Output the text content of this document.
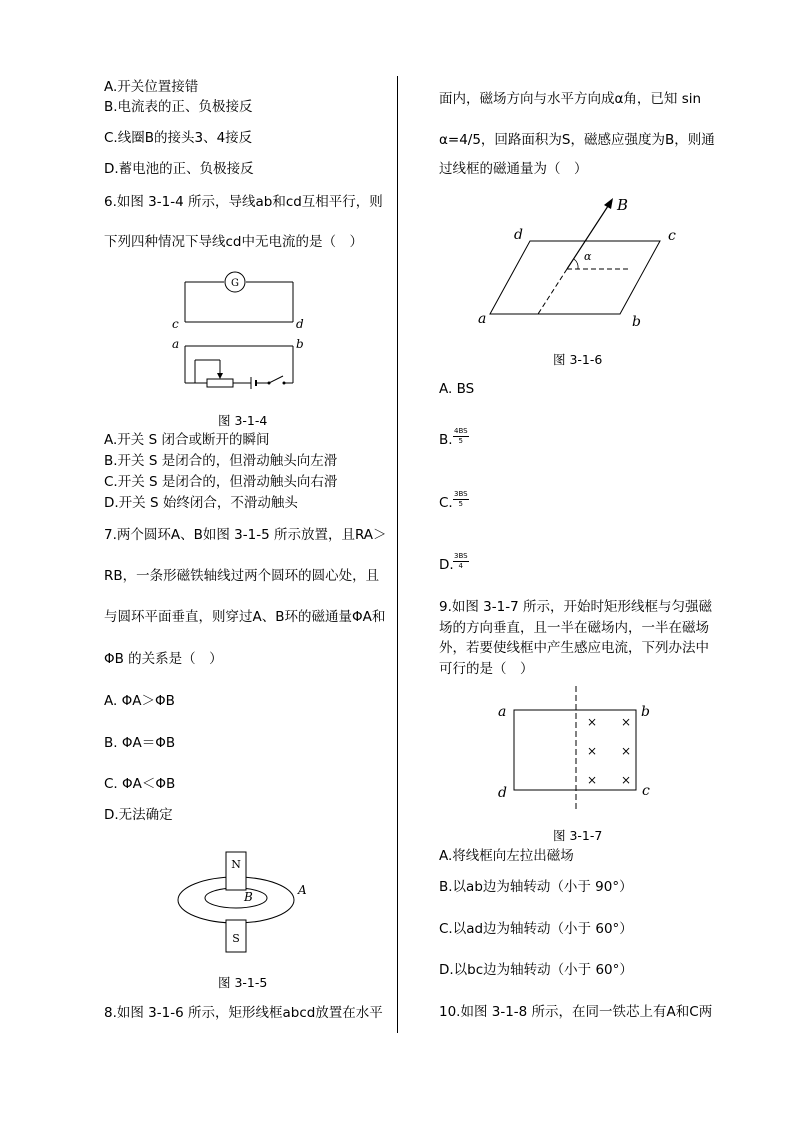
A.开关位置接错
B.电流表的正、负极接反
C.线圈B的接头3、4接反
D.蓄电池的正、负极接反
6.如图 3-1-4 所示，导线ab和cd互相平行，则
下列四种情况下导线cd中无电流的是（　）
G
c	d
a	b
图 3-1-4
A.开关 S 闭合或断开的瞬间
B.开关 S 是闭合的，但滑动触头向左滑
C.开关 S 是闭合的，但滑动触头向右滑
D.开关 S 始终闭合，不滑动触头
7.两个圆环A、B如图 3-1-5 所示放置，且RA＞
RB，一条形磁铁轴线过两个圆环的圆心处，且
与圆环平面垂直，则穿过A、B环的磁通量ΦA和
ΦB 的关系是（　）
A. ΦA＞ΦB
B. ΦA＝ΦB
C. ΦA＜ΦB
D.无法确定
N
S
B	A
图 3-1-5
8.如图 3-1-6 所示，矩形线框abcd放置在水平
面内，磁场方向与水平方向成α角，已知 sin
α=4/5，回路面积为S，磁感应强度为B，则通
过线框的磁通量为（　）
α
B
d	c
a	b
图 3-1-6
A. BS
B. $\frac{4BS}{5}$
C. $\frac{3BS}{5}$
D. $\frac{3BS}{4}$
9.如图 3-1-7 所示，开始时矩形线框与匀强磁
场的方向垂直，且一半在磁场内，一半在磁场
外，若要使线框中产生感应电流，下列办法中
可行的是（　）
× ×
× ×
× ×
a	b
d	c
图 3-1-7
A.将线框向左拉出磁场
B.以ab边为轴转动（小于 90°）
C.以ad边为轴转动（小于 60°）
D.以bc边为轴转动（小于 60°）
10.如图 3-1-8 所示，在同一铁芯上有A和C两
